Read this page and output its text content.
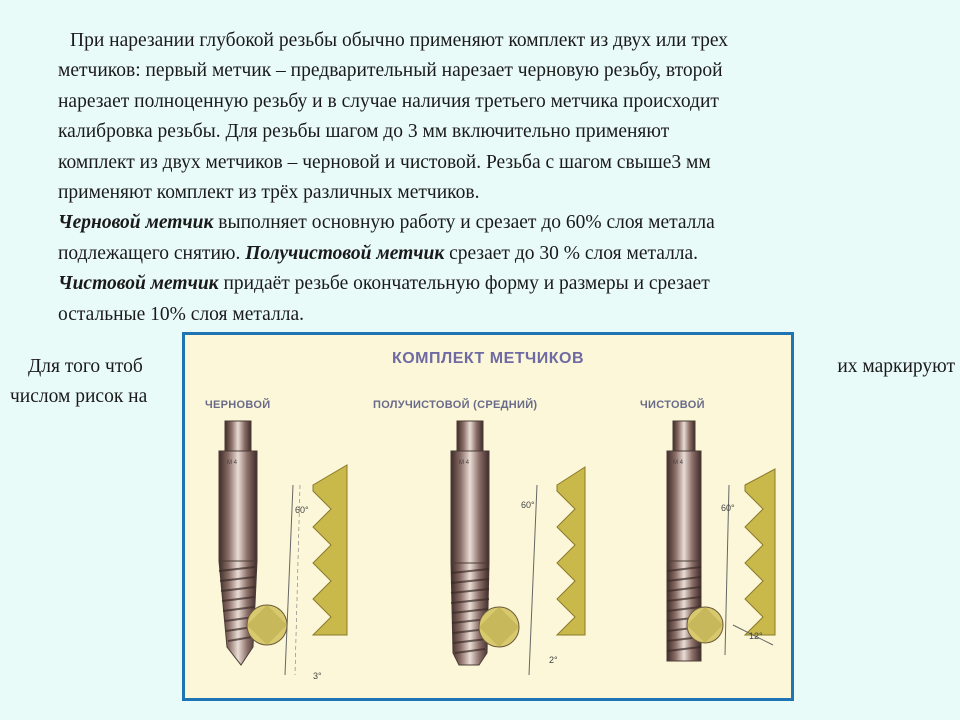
При нарезании глубокой резьбы обычно применяют комплект из двух или трех
метчиков: первый метчик – предварительный нарезает черновую резьбу, второй
нарезает полноценную резьбу и в случае наличия третьего метчика происходит
калибровка резьбы. Для резьбы шагом до 3 мм включительно применяют
комплект из двух метчиков – черновой и чистовой. Резьба с шагом свыше3 мм
применяют комплект из трёх различных метчиков.
Черновой метчик выполняет основную работу и срезает до 60% слоя металла
подлежащего снятию. Получистовой метчик срезает до 30 % слоя металла.
Чистовой метчик придаёт резьбе окончательную форму и размеры и срезает
остальные 10% слоя металла.
Для того чтоб	их маркируют
числом рисок на
КОМПЛЕКТ МЕТЧИКОВ
ЧЕРНОВОЙ	ПОЛУЧИСТОВОЙ (СРЕДНИЙ)	ЧИСТОВОЙ
М 4	М 4	М 4
60°	60°	60°
3°
2°
12°
